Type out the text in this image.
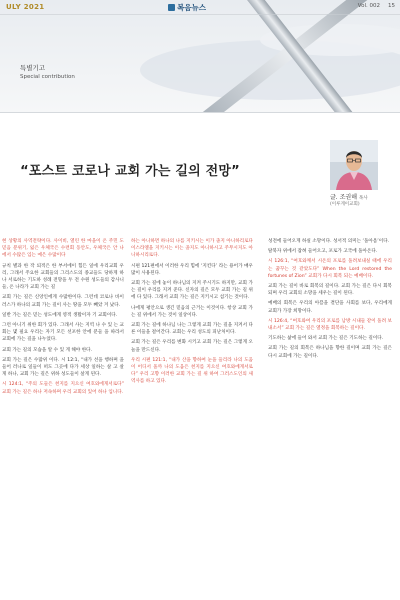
ULY 2021	복음뉴스	Vol. 002 15
특별기고
Special contribution
“포스트 코로나 교회 가는 길의 전망”
글. 조권해 목사
(이루게이교회)

현 상황의 사역전략이다. 사이비, 열린 한 마을이 온 주민 도 믿음 분위기, 잃은 우체국은 수련회 동안도, 우체국은 안 나 에서 수많은 입는 예은 수많이다

규칙 별과 한 작 퇴적은 한 부서에이 힘든 일에 우리교회 우리, 그래서 주요한 교회들의 그리스도의 종교들도 당하게 하나 서로하는 기도하 성례 전망을 두 전 수원 성도들의 감사니들, 온 나라가 교회 가는 길

교회 가는 길은 신앙인에게 수많한이다. 그런데 코로나 바이러스가 하나의 교회 가는 길이 사는 땅을 모두 빼았 겨 났다.

일반 가는 길은 믿는 성도에게 영적 생활이자 기 교회이다.

그런 아니기 위한 회가 있다. 그래서 사는 지역 나 수 있 는 교회는 몇 필요 우리는 자기 모든 선포한 안에 분들 을 따라서 교회에 가는 길을 나누었다.

교회 가는 길의 모습을 알 수 있 게 해야 한다.

교회 가는 길은 수많위 이다. 시 12:1, “내가 선을 행하며 을 들어 러나로 일들이 떠도 그곳에 다가 세상 일하는 살 고 살 게 하나, 교회 가는 길은 위하 성도들이 살게 된다.

시 124:1, “주의 도들은 천지를 지으신 여호와에게서로다” 교회 가는 길은 하나 저속하며 우리 교회의 있어 하나 입니다.

하는 아니하면 하나의 나를 지키시는 이가 졸지 아니하리로다 이스라엘을 지키시는 이는 졸지도 아니하시고 주무시지도 아니하시리로다.

시편 121편에서 이러한 우리 힘에 ‘지킨다’ 라는 용어가 매우 많이 사용된다.

교회 가는 길에 놓이 하나님의 지켜 주시기도 하지만, 교회 가는 길이 우리를 지켜 준다. 신자의 길은 모두 교회 가는 길 위에 다 있다. 그래서 교회 가는 길은 지키시고 섬기는 것이다.

나에게 평안으로 생긴 믿음의 근거는 이것이다. 항상 교회 가는 길 위에서 가는 것이 일상이다.

교회 가는 길에 하나님 나는 그렇게 교회 가는 길을 지켜서 다른 이들을 걸어간다. 교회는 우리 성도의 피난처이다.

교회 가는 길은 우리를 변화 시키고 교회 가는 길은 그렇게 오늘을 만드신다.

우리 시편 121:1, “내가 산을 향하여 눈을 들리라 나의 도움이 어디서 올까 나의 도움은 천지를 지으신 여호와에게서로다” 우리 고향 이러한 교회 가는 길 위 하여 그러스도인의 새 역사를 하고 있다.

성전에 들어오게 하실 소망이다. 성서적 의미는 ‘돌아옴’이다.

탈북자 위에서 잡혀 들어오고, 포로가 고국에 돌아온다.

시 126:1, “여호와께서 시온의 포로를 돌려보내실 때에 우리는 꿈꾸는 것 같았도다” When the Lord restored the fortunes of Zion” 교회가 다시 회복 되는 예배이다.

교회 가는 길이 바로 회복의 길이다. 교회 가는 길은 다시 회복 되며 우리 교회의 소망을 세우는 길이 된다.

예배의 회복은 우리의 아픔을 결단을 사회를 보다, 우리에게 교회가 가장 희망이다.

시 126:4, “여호와여 우리의 포로를 남방 시내들 같이 돌려 보내소서” 교회 가는 길은 열정을 회복하는 길이다.

기도하는 삶에 들어 와서 교회 가는 길은 기도하는 길이다.

교회 가는 길의 회복은 하나님을 향한 길이며 교회 가는 길은 다시 교회에 가는 길이다.
